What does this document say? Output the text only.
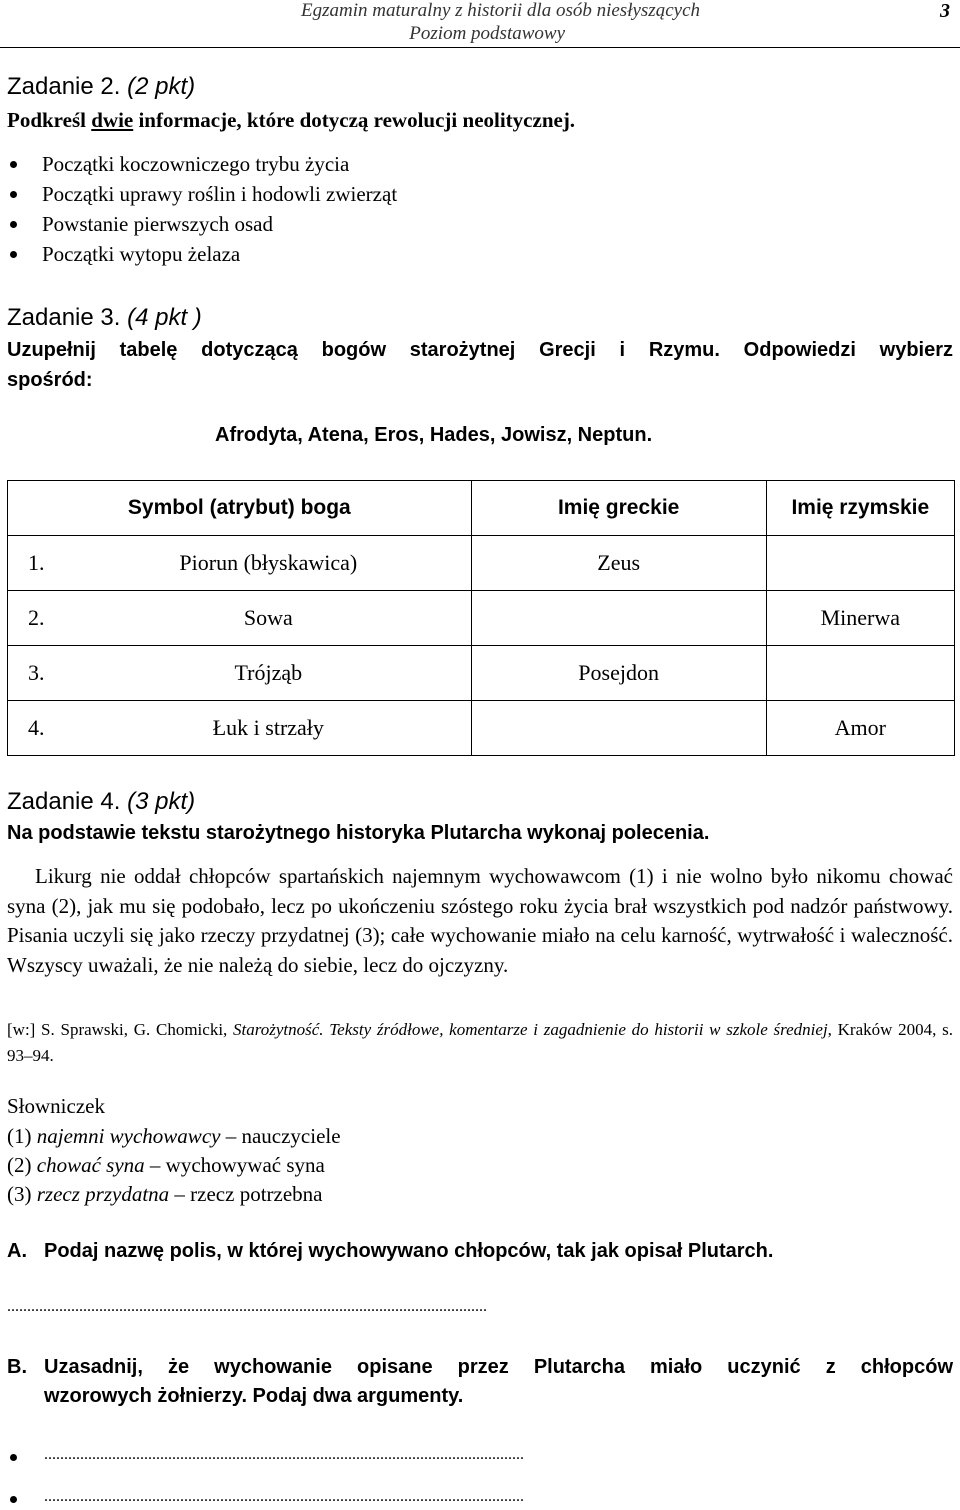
Egzamin maturalny z historii dla osób niesłyszących
Poziom podstawowy
3
Zadanie 2. (2 pkt)
Podkreśl dwie informacje, które dotyczą rewolucji neolitycznej.
Początki koczowniczego trybu życia
Początki uprawy roślin i hodowli zwierząt
Powstanie pierwszych osad
Początki wytopu żelaza
Zadanie 3. (4 pkt )
Uzupełnij tabelę dotyczącą bogów starożytnej Grecji i Rzymu. Odpowiedzi wybierz
spośród:
Afrodyta, Atena, Eros, Hades, Jowisz, Neptun.
Symbol (atrybut) boga		Imię greckie	Imię rzymskie
1.	Piorun (błyskawica)	Zeus	
2.	Sowa		Minerwa
3.	Trójząb	Posejdon	
4.	Łuk i strzały		Amor
Zadanie 4. (3 pkt)
Na podstawie tekstu starożytnego historyka Plutarcha wykonaj polecenia.
Likurg nie oddał chłopców spartańskich najemnym wychowawcom (1) i nie wolno było nikomu chować syna (2), jak mu się podobało, lecz po ukończeniu szóstego roku życia brał wszystkich pod nadzór państwowy. Pisania uczyli się jako rzeczy przydatnej (3); całe wychowanie miało na celu karność, wytrwałość i waleczność. Wszyscy uważali, że nie należą do siebie, lecz do ojczyzny.
[w:] S. Sprawski, G. Chomicki, Starożytność. Teksty źródłowe, komentarze i zagadnienie do historii w szkole średniej, Kraków 2004, s. 93–94.
Słowniczek
(1) najemni wychowawcy – nauczyciele
(2) chować syna – wychowywać syna
(3) rzecz przydatna – rzecz potrzebna
A. Podaj nazwę polis, w której wychowywano chłopców, tak jak opisał Plutarch.
........................................................................................................................
B. Uzasadnij, że wychowanie opisane przez Plutarcha miało uczynić z chłopców
wzorowych żołnierzy. Podaj dwa argumenty.
........................................................................................................................
........................................................................................................................
